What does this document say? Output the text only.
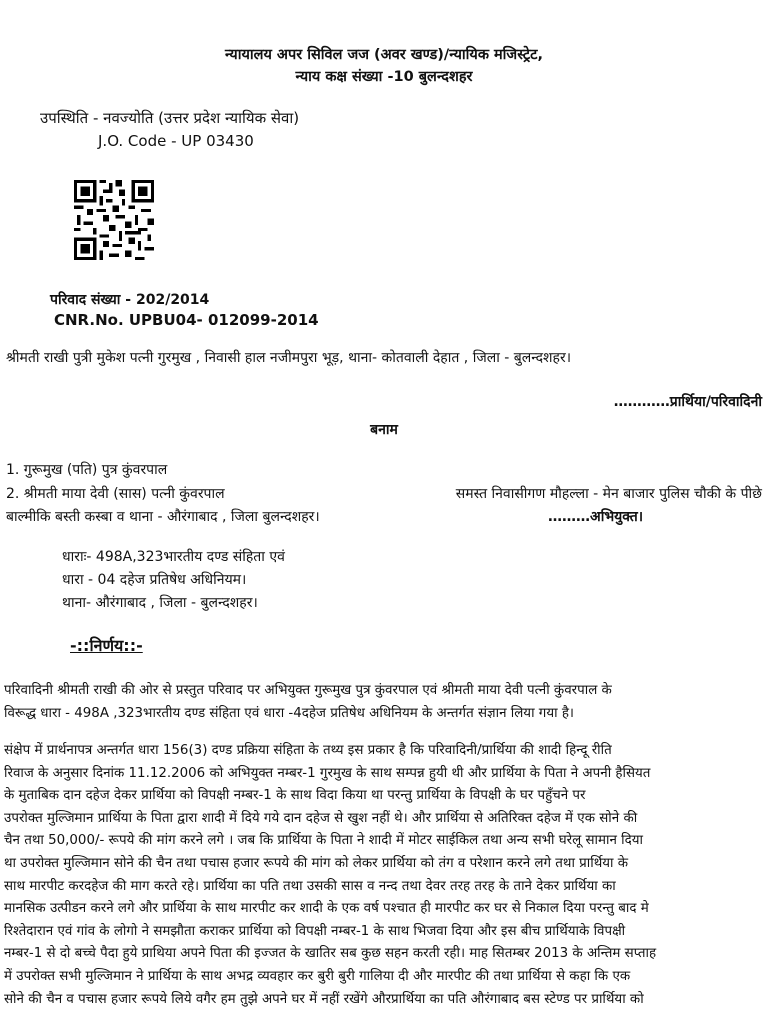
न्यायालय अपर सिविल जज (अवर खण्ड)/न्यायिक मजिस्ट्रेट,
न्याय कक्ष संख्या -10 बुलन्दशहर
उपस्थिति - नवज्योति (उत्तर प्रदेश न्यायिक सेवा)
J.O. Code - UP 03430
परिवाद संख्या - 202/2014
CNR.No. UPBU04- 012099-2014
श्रीमती राखी पुत्री मुकेश पत्नी गुरमुख , निवासी हाल नजीमपुरा भूड़, थाना- कोतवाली देहात , जिला - बुलन्दशहर।
…………प्रार्थिया/परिवादिनी
बनाम
1. गुरूमुख (पति) पुत्र कुंवरपाल
2. श्रीमती माया देवी (सास) पत्नी कुंवरपाल	समस्त निवासीगण मौहल्ला - मेन बाजार पुलिस चौकी के पीछे
बाल्मीकि बस्ती कस्बा व थाना - औरंगाबाद , जिला बुलन्दशहर।	………अभियुक्त।
धाराः- 498A,323भारतीय दण्ड संहिता एवं
धारा - 04 दहेज प्रतिषेध अधिनियम।
थाना- औरंगाबाद , जिला - बुलन्दशहर।
-::निर्णय::-
परिवादिनी श्रीमती राखी की ओर से प्रस्तुत परिवाद पर अभियुक्त गुरूमुख पुत्र कुंवरपाल एवं श्रीमती माया देवी पत्नी कुंवरपाल के
विरूद्ध धारा - 498A ,323भारतीय दण्ड संहिता एवं धारा -4दहेज प्रतिषेध अधिनियम के अन्तर्गत संज्ञान लिया गया है।
संक्षेप में प्रार्थनापत्र अन्तर्गत धारा 156(3) दण्ड प्रक्रिया संहिता के तथ्य इस प्रकार है कि परिवादिनी/प्रार्थिया की शादी हिन्दू रीति
रिवाज के अनुसार दिनांक 11.12.2006 को अभियुक्त नम्बर-1 गुरमुख के साथ सम्पन्न हुयी थी और प्रार्थिया के पिता ने अपनी हैसियत
के मुताबिक दान दहेज देकर प्रार्थिया को विपक्षी नम्बर-1 के साथ विदा किया था परन्तु प्रार्थिया के विपक्षी के घर पहुँचने पर
उपरोक्त मुल्जिमान प्रार्थिया के पिता द्वारा शादी में दिये गये दान दहेज से खुश नहीं थे। और प्रार्थिया से अतिरिक्त दहेज में एक सोने की
चैन तथा 50,000/- रूपये की मांग करने लगे । जब कि प्रार्थिया के पिता ने शादी में मोटर साईकिल तथा अन्य सभी घरेलू सामान दिया
था उपरोक्त मुल्जिमान सोने की चैन तथा पचास हजार रूपये की मांग को लेकर प्रार्थिया को तंग व परेशान करने लगे तथा प्रार्थिया के
साथ मारपीट करदहेज की माग करते रहे। प्रार्थिया का पति तथा उसकी सास व नन्द तथा देवर तरह तरह के ताने देकर प्रार्थिया का
मानसिक उत्पीडन करने लगे और प्रार्थिया के साथ मारपीट कर शादी के एक वर्ष पश्चात ही मारपीट कर घर से निकाल दिया परन्तु बाद मे
रिश्तेदारान एवं गांव के लोगो ने समझौता कराकर प्रार्थिया को विपक्षी नम्बर-1 के साथ भिजवा दिया और इस बीच प्रार्थियाके विपक्षी
नम्बर-1 से दो बच्चे पैदा हुये प्राथिया अपने पिता की इज्जत के खातिर सब कुछ सहन करती रही। माह सितम्बर 2013 के अन्तिम सप्ताह
में उपरोक्त सभी मुल्जिमान ने प्रार्थिया के साथ अभद्र व्यवहार कर बुरी बुरी गालिया दी और मारपीट की तथा प्रार्थिया से कहा कि एक
सोने की चैन व पचास हजार रूपये लिये वगैर हम तुझे अपने घर में नहीं रखेंगे औरप्रार्थिया का पति औरंगाबाद बस स्टेण्ड पर प्रार्थिया को
